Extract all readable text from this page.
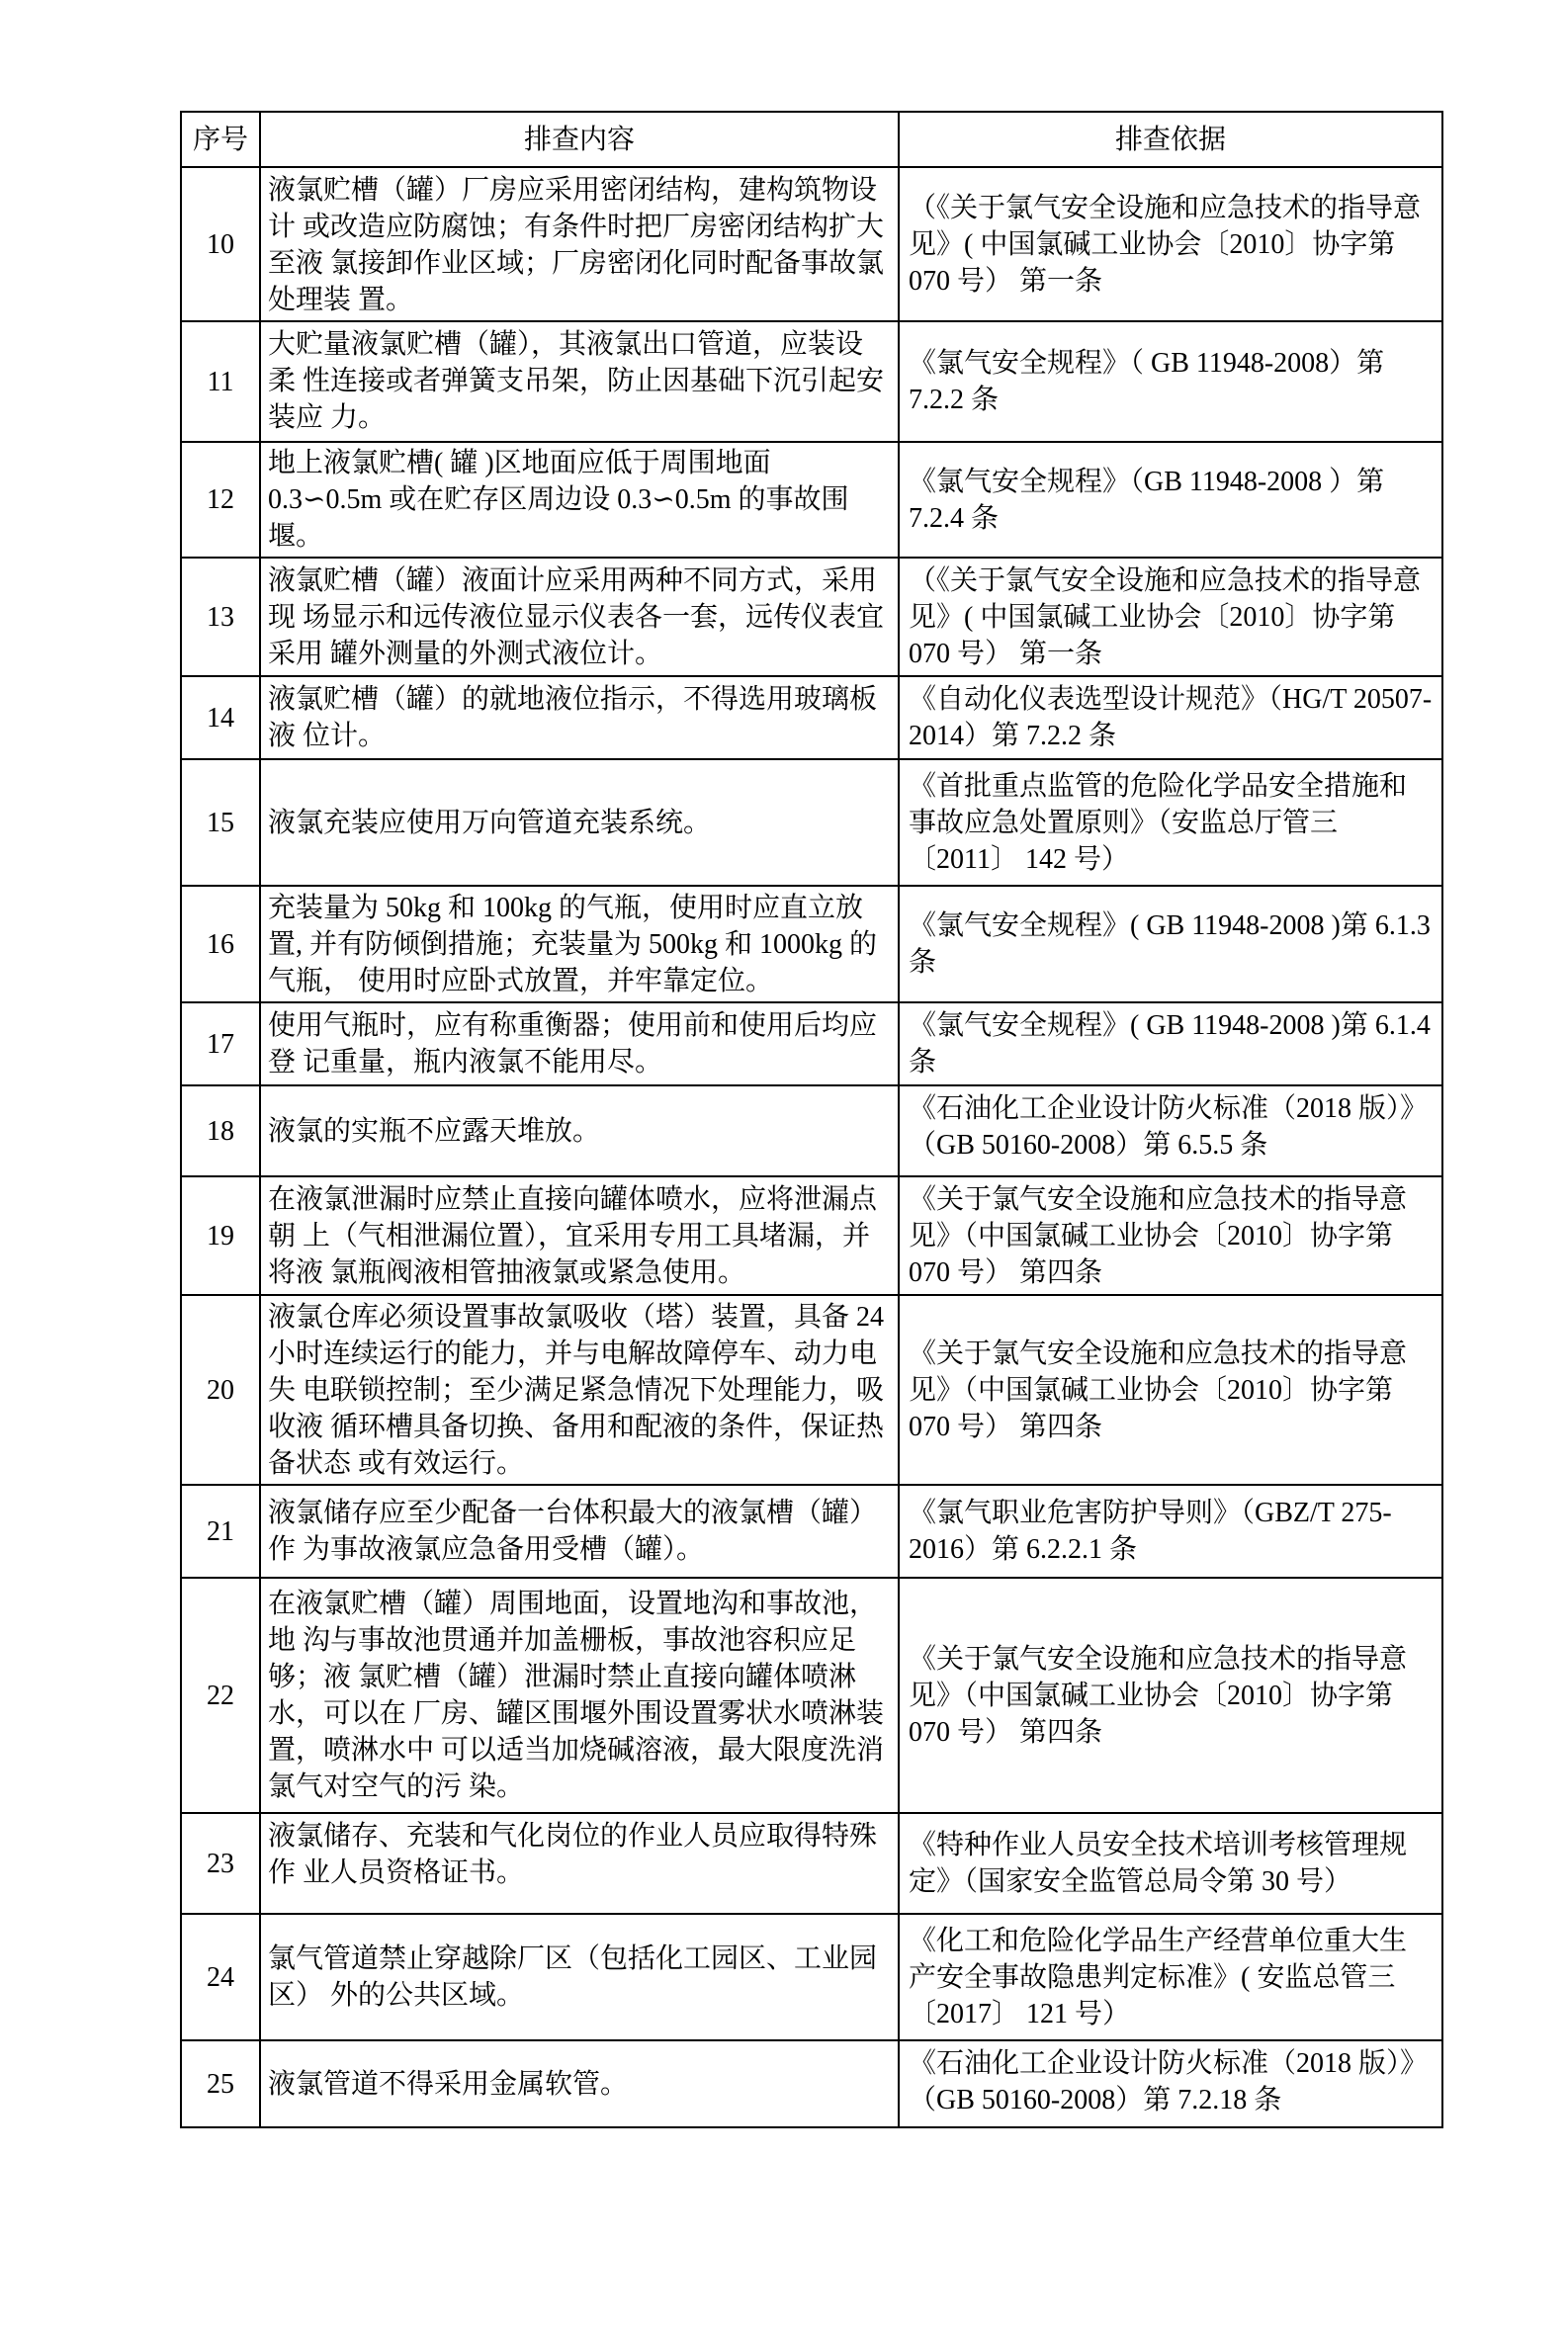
序号	排查内容	排查依据
10	液氯贮槽（罐）厂房应采用密闭结构，建构筑物设计 或改造应防腐蚀；有条件时把厂房密闭结构扩大至液 氯接卸作业区域；厂房密闭化同时配备事故氯处理装 置。	（《关于氯气安全设施和应急技术的指导意 见》( 中国氯碱工业协会〔2010〕协字第 070 号） 第一条

11	大贮量液氯贮槽（罐），其液氯出口管道，应装设柔 性连接或者弹簧支吊架，防止因基础下沉引起安装应 力。	《氯气安全规程》（ GB 11948-2008）第 7.2.2 条

12	地上液氯贮槽( 罐 )区地面应低于周围地面 0.3∽0.5m 或在贮存区周边设 0.3∽0.5m 的事故围堰。	《氯气安全规程》（GB 11948-2008 ）第 7.2.4 条

13	液氯贮槽（罐）液面计应采用两种不同方式，采用现 场显示和远传液位显示仪表各一套，远传仪表宜采用 罐外测量的外测式液位计。	（《关于氯气安全设施和应急技术的指导意 见》( 中国氯碱工业协会〔2010〕协字第 070 号） 第一条

14	液氯贮槽（罐）的就地液位指示，不得选用玻璃板液 位计。	《自动化仪表选型设计规范》（HG/T 20507-2014）第 7.2.2 条

15	液氯充装应使用万向管道充装系统。	《首批重点监管的危险化学品安全措施和 事故应急处置原则》（安监总厅管三〔2011〕 142 号）

16	充装量为 50kg 和 100kg 的气瓶，使用时应直立放置, 并有防倾倒措施；充装量为 500kg 和 1000kg 的气瓶， 使用时应卧式放置，并牢靠定位。	《氯气安全规程》( GB 11948-2008 )第 6.1.3 条

17	使用气瓶时，应有称重衡器；使用前和使用后均应登 记重量，瓶内液氯不能用尽。	《氯气安全规程》( GB 11948-2008 )第 6.1.4 条

18	液氯的实瓶不应露天堆放。	《石油化工企业设计防火标准（2018 版）》 （GB 50160-2008）第 6.5.5 条

19	在液氯泄漏时应禁止直接向罐体喷水，应将泄漏点朝 上（气相泄漏位置），宜采用专用工具堵漏，并将液 氯瓶阀液相管抽液氯或紧急使用。	《关于氯气安全设施和应急技术的指导意 见》（中国氯碱工业协会〔2010〕协字第 070 号） 第四条

20	液氯仓库必须设置事故氯吸收（塔）装置，具备 24 小时连续运行的能力，并与电解故障停车、动力电失 电联锁控制；至少满足紧急情况下处理能力，吸收液 循环槽具备切换、备用和配液的条件，保证热备状态 或有效运行。	《关于氯气安全设施和应急技术的指导意 见》（中国氯碱工业协会〔2010〕协字第 070 号） 第四条

21	液氯储存应至少配备一台体积最大的液氯槽（罐）作 为事故液氯应急备用受槽（罐）。	《氯气职业危害防护导则》（GBZ/T 275-2016）第 6.2.2.1 条

22	在液氯贮槽（罐）周围地面，设置地沟和事故池，地 沟与事故池贯通并加盖栅板，事故池容积应足够；液 氯贮槽（罐）泄漏时禁止直接向罐体喷淋水，可以在 厂房、罐区围堰外围设置雾状水喷淋装置，喷淋水中 可以适当加烧碱溶液，最大限度洗消氯气对空气的污 染。	《关于氯气安全设施和应急技术的指导意 见》（中国氯碱工业协会〔2010〕协字第 070 号） 第四条

23	液氯储存、充装和气化岗位的作业人员应取得特殊作 业人员资格证书。	《特种作业人员安全技术培训考核管理规 定》（国家安全监管总局令第 30 号）

24	氯气管道禁止穿越除厂区（包括化工园区、工业园区） 外的公共区域。	《化工和危险化学品生产经营单位重大生 产安全事故隐患判定标准》( 安监总管三〔2017〕 121 号）

25	液氯管道不得采用金属软管。	《石油化工企业设计防火标准（2018 版）》 （GB 50160-2008）第 7.2.18 条
